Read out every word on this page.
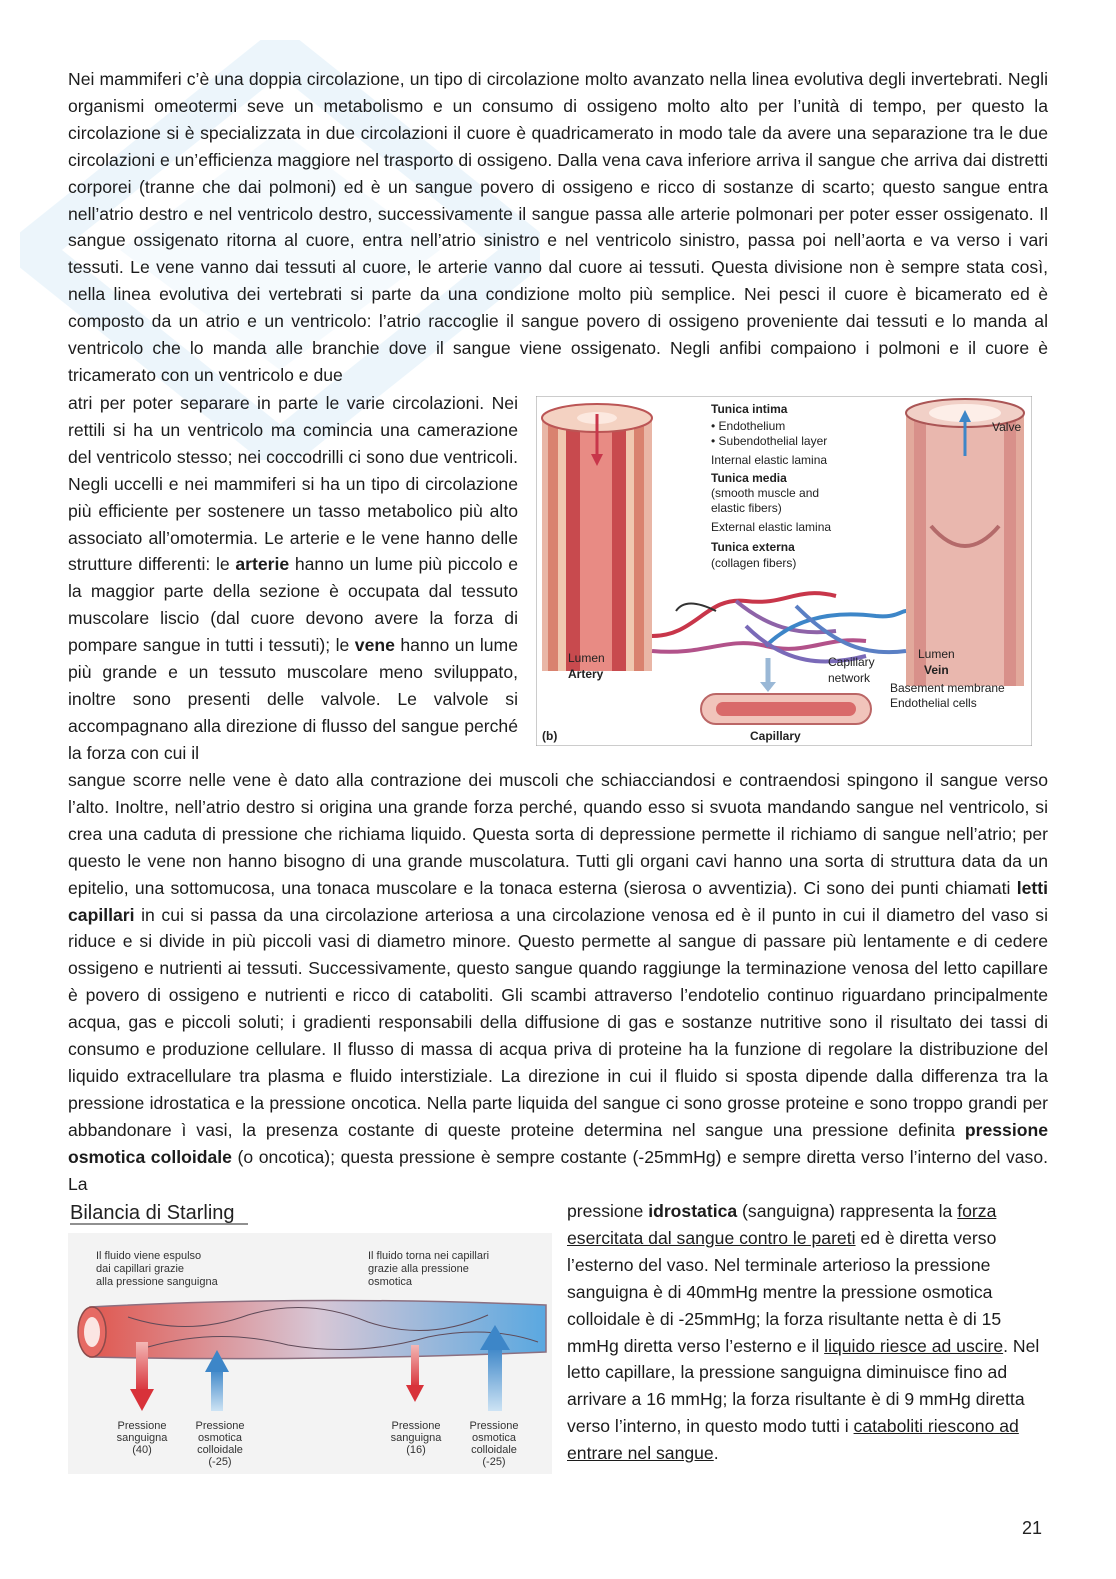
Nei mammiferi c’è una doppia circolazione, un tipo di circolazione molto avanzato nella linea evolutiva degli invertebrati. Negli organismi omeotermi seve un metabolismo e un consumo di ossigeno molto alto per l’unità di tempo, per questo la circolazione si è specializzata in due circolazioni il cuore è quadricamerato in modo tale da avere una separazione tra le due circolazioni e un’efficienza maggiore nel trasporto di ossigeno. Dalla vena cava inferiore arriva il sangue che arriva dai distretti corporei (tranne che dai polmoni) ed è un sangue povero di ossigeno e ricco di sostanze di scarto; questo sangue entra nell’atrio destro e nel ventricolo destro, successivamente il sangue passa alle arterie polmonari per poter esser ossigenato. Il sangue ossigenato ritorna al cuore, entra nell’atrio sinistro e nel ventricolo sinistro, passa poi nell’aorta e va verso i vari tessuti. Le vene vanno dai tessuti al cuore, le arterie vanno dal cuore ai tessuti. Questa divisione non è sempre stata così, nella linea evolutiva dei vertebrati si parte da una condizione molto più semplice. Nei pesci il cuore è bicamerato ed è composto da un atrio e un ventricolo: l’atrio raccoglie il sangue povero di ossigeno proveniente dai tessuti e lo manda al ventricolo che lo manda alle branchie dove il sangue viene ossigenato. Negli anfibi compaiono i polmoni e il cuore è tricamerato con un ventricolo e due
atri per poter separare in parte le varie circolazioni. Nei rettili si ha un ventricolo ma comincia una camerazione del ventricolo stesso; nei coccodrilli ci sono due ventricoli. Negli uccelli e nei mammiferi si ha un tipo di circolazione più efficiente per sostenere un tasso metabolico più alto associato all’omotermia. Le arterie e le vene hanno delle strutture differenti: le arterie hanno un lume più piccolo e la maggior parte della sezione è occupata dal tessuto muscolare liscio (dal cuore devono avere la forza di pompare sangue in tutti i tessuti); le vene hanno un lume più grande e un tessuto muscolare meno sviluppato, inoltre sono presenti delle valvole. Le valvole si accompagnano alla direzione di flusso del sangue perché la forza con cui il
Tunica intima
• Endothelium
• Subendothelial layer
Internal elastic lamina
Tunica media
(smooth muscle and
elastic fibers)
External elastic lamina
Tunica externa
(collagen fibers)
Valve
Lumen
Artery
Lumen
Vein
Capillary
network
Basement membrane
Endothelial cells
(b)	Capillary
sangue scorre nelle vene è dato alla contrazione dei muscoli che schiacciandosi e contraendosi spingono il sangue verso l’alto. Inoltre, nell’atrio destro si origina una grande forza perché, quando esso si svuota mandando sangue nel ventricolo, si crea una caduta di pressione che richiama liquido. Questa sorta di depressione permette il richiamo di sangue nell’atrio; per questo le vene non hanno bisogno di una grande muscolatura. Tutti gli organi cavi hanno una sorta di struttura data da un epitelio, una sottomucosa, una tonaca muscolare e la tonaca esterna (sierosa o avventizia). Ci sono dei punti chiamati letti capillari in cui si passa da una circolazione arteriosa a una circolazione venosa ed è il punto in cui il diametro del vaso si riduce e si divide in più piccoli vasi di diametro minore. Questo permette al sangue di passare più lentamente e di cedere ossigeno e nutrienti ai tessuti. Successivamente, questo sangue quando raggiunge la terminazione venosa del letto capillare è povero di ossigeno e nutrienti e ricco di cataboliti. Gli scambi attraverso l’endotelio continuo riguardano principalmente acqua, gas e piccoli soluti; i gradienti responsabili della diffusione di gas e sostanze nutritive sono il risultato dei tassi di consumo e produzione cellulare. Il flusso di massa di acqua priva di proteine ha la funzione di regolare la distribuzione del liquido extracellulare tra plasma e fluido interstiziale. La direzione in cui il fluido si sposta dipende dalla differenza tra la pressione idrostatica e la pressione oncotica. Nella parte liquida del sangue ci sono grosse proteine e sono troppo grandi per abbandonare ì vasi, la presenza costante di queste proteine determina nel sangue una pressione definita pressione osmotica colloidale (o oncotica); questa pressione è sempre costante (-25mmHg) e sempre diretta verso l’interno del vaso. La
Bilancia di Starling
Il fluido viene espulso dai capillari grazie alla pressione sanguigna
Il fluido torna nei capillari grazie alla pressione osmotica
Pressione sanguigna (40)
Pressione osmotica colloidale (-25)
Pressione sanguigna (16)
Pressione osmotica colloidale (-25)
pressione idrostatica (sanguigna) rappresenta la forza esercitata dal sangue contro le pareti ed è diretta verso l’esterno del vaso. Nel terminale arterioso la pressione sanguigna è di 40mmHg mentre la pressione osmotica colloidale è di -25mmHg; la forza risultante netta è di 15 mmHg diretta verso l’esterno e il liquido riesce ad uscire. Nel letto capillare, la pressione sanguigna diminuisce fino ad arrivare a 16 mmHg; la forza risultante è di 9 mmHg diretta verso l’interno, in questo modo tutti i cataboliti riescono ad entrare nel sangue.
21
